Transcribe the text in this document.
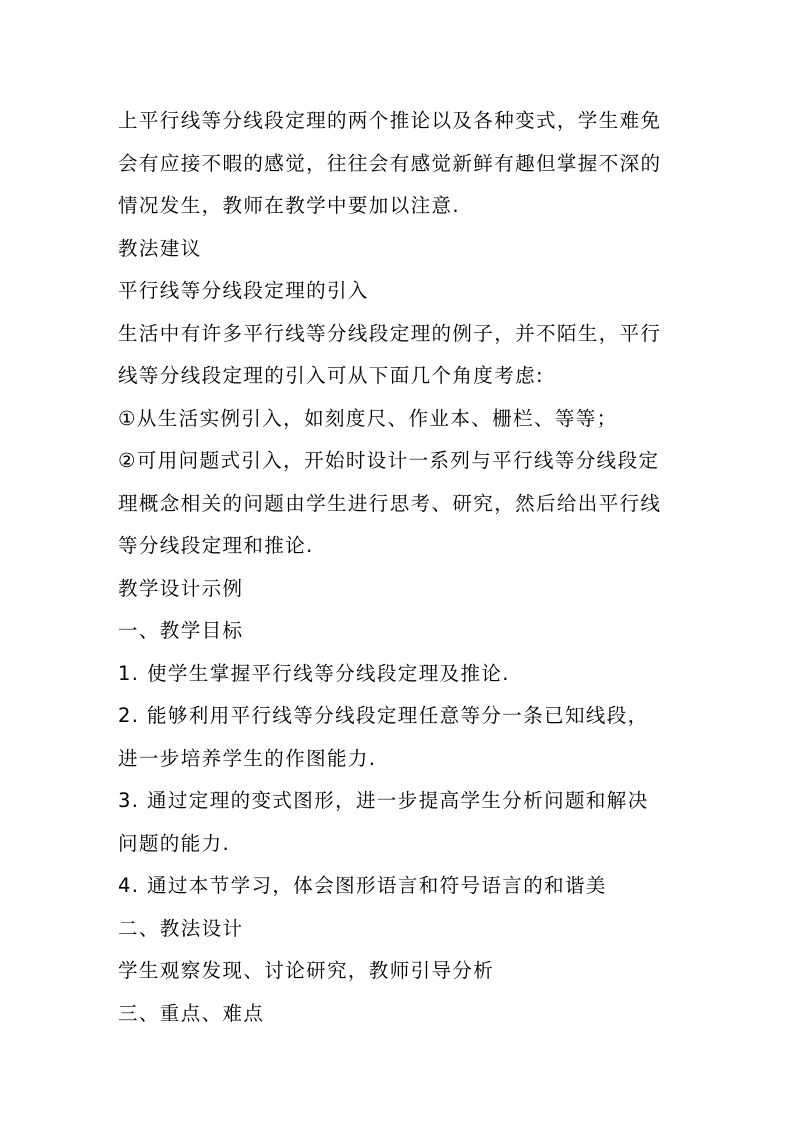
上平行线等分线段定理的两个推论以及各种变式，学生难免
会有应接不暇的感觉，往往会有感觉新鲜有趣但掌握不深的
情况发生，教师在教学中要加以注意.
教法建议
平行线等分线段定理的引入
生活中有许多平行线等分线段定理的例子，并不陌生，平行
线等分线段定理的引入可从下面几个角度考虑:
①从生活实例引入，如刻度尺、作业本、栅栏、等等；
②可用问题式引入，开始时设计一系列与平行线等分线段定
理概念相关的问题由学生进行思考、研究，然后给出平行线
等分线段定理和推论.
教学设计示例
一、教学目标
1. 使学生掌握平行线等分线段定理及推论.
2. 能够利用平行线等分线段定理任意等分一条已知线段，
进一步培养学生的作图能力.
3. 通过定理的变式图形，进一步提高学生分析问题和解决
问题的能力.
4. 通过本节学习，体会图形语言和符号语言的和谐美
二、教法设计
学生观察发现、讨论研究，教师引导分析
三、重点、难点
